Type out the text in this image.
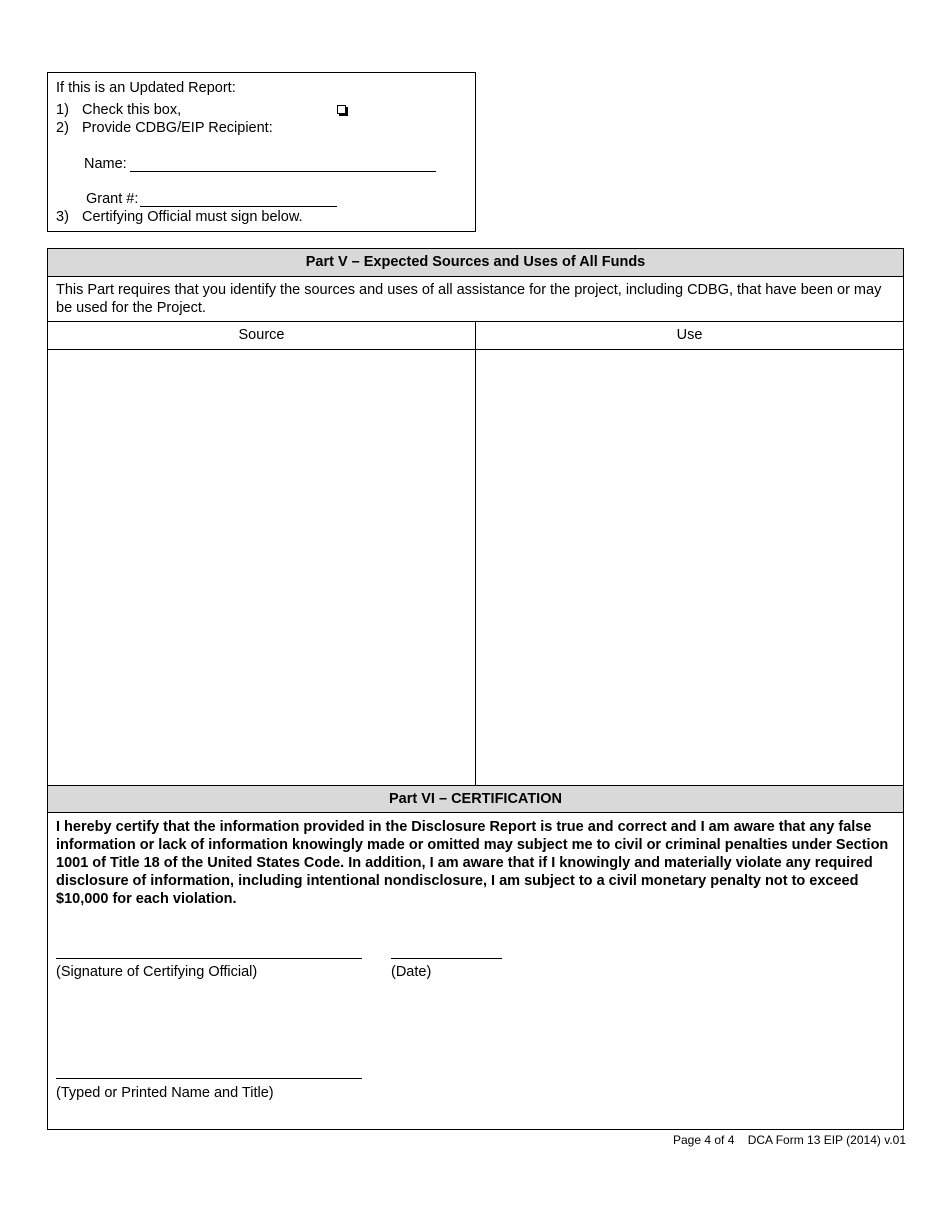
If this is an Updated Report:
1) Check this box,
2) Provide CDBG/EIP Recipient:
Name:
Grant #:
3) Certifying Official must sign below.
Part V – Expected Sources and Uses of All Funds
This Part requires that you identify the sources and uses of all assistance for the project, including CDBG, that have been or may be used for the Project.
Source	Use
Part VI – CERTIFICATION
I hereby certify that the information provided in the Disclosure Report is true and correct and I am aware that any false information or lack of information knowingly made or omitted may subject me to civil or criminal penalties under Section 1001 of Title 18 of the United States Code. In addition, I am aware that if I knowingly and materially violate any required disclosure of information, including intentional nondisclosure, I am subject to a civil monetary penalty not to exceed $10,000 for each violation.
(Signature of Certifying Official)	(Date)
(Typed or Printed Name and Title)
Page 4 of 4    DCA Form 13 EIP (2014) v.01
